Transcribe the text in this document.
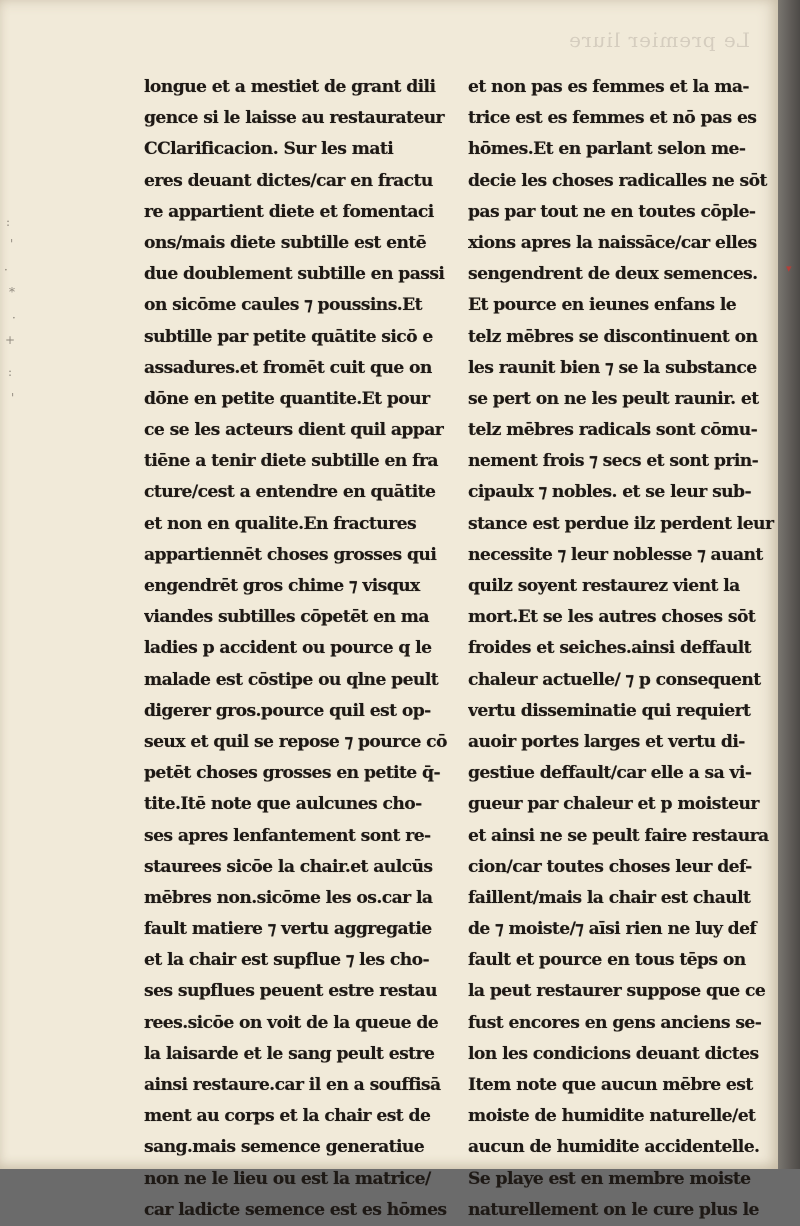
Le premier liure
:
'
·
*
·
+
:
'
longue et a mestiet de grant dili
gence si le laisse au restaurateur
CClarificacion. Sur les mati
eres deuant dictes/car en fractu
re appartient diete et fomentaci
ons/mais diete subtille est entē
due doublement subtille en passi
on sicōme caules ⁊ poussins.Et
subtille par petite quātite sicō e
assadures.et fromēt cuit que on
dōne en petite quantite.Et pour
ce se les acteurs dient quil appar
tiēne a tenir diete subtille en fra
cture/cest a entendre en quātite
et non en qualite.En fractures
appartiennēt choses grosses qui
engendrēt gros chime ⁊ visqux
viandes subtilles cōpetēt en ma
ladies p accident ou pource q le
malade est cōstipe ou qlne peult
digerer gros.pource quil est op-
seux et quil se repose ⁊ pource cō
petēt choses grosses en petite q̄-
tite.Itē note que aulcunes cho-
ses apres lenfantement sont re-
staurees sicōe la chair.et aulcūs
mēbres non.sicōme les os.car la
fault matiere ⁊ vertu aggregatie
et la chair est supflue ⁊ les cho-
ses supflues peuent estre restau
rees.sicōe on voit de la queue de
la laisarde et le sang peult estre
ainsi restaure.car il en a souffisā
ment au corps et la chair est de
sang.mais semence generatiue
non ne le lieu ou est la matrice/
car ladicte semence est es hōmes
et non pas es femmes et la ma-
trice est es femmes et nō pas es
hōmes.Et en parlant selon me-
decie les choses radicalles ne sōt
pas par tout ne en toutes cōple-
xions apres la naissāce/car elles
sengendrent de deux semences.
Et pource en ieunes enfans le
telz mēbres se discontinuent on
les raunit bien ⁊ se la substance
se pert on ne les peult raunir. et
telz mēbres radicals sont cōmu-
nement frois ⁊ secs et sont prin-
cipaulx ⁊ nobles. et se leur sub-
stance est perdue ilz perdent leur
necessite ⁊ leur noblesse ⁊ auant
quilz soyent restaurez vient la
mort.Et se les autres choses sōt
froides et seiches.ainsi deffault
chaleur actuelle/ ⁊ p consequent
vertu disseminatie qui requiert
auoir portes larges et vertu di-
gestiue deffault/car elle a sa vi-
gueur par chaleur et p moisteur
et ainsi ne se peult faire restaura
cion/car toutes choses leur def-
faillent/mais la chair est chault
de ⁊ moiste/⁊ aīsi rien ne luy def
fault et pource en tous tēps on
la peut restaurer suppose que ce
fust encores en gens anciens se-
lon les condicions deuant dictes
Item note que aucun mēbre est
moiste de humidite naturelle/et
aucun de humidite accidentelle.
Se playe est en membre moiste
naturellement on le cure plus le
▾
